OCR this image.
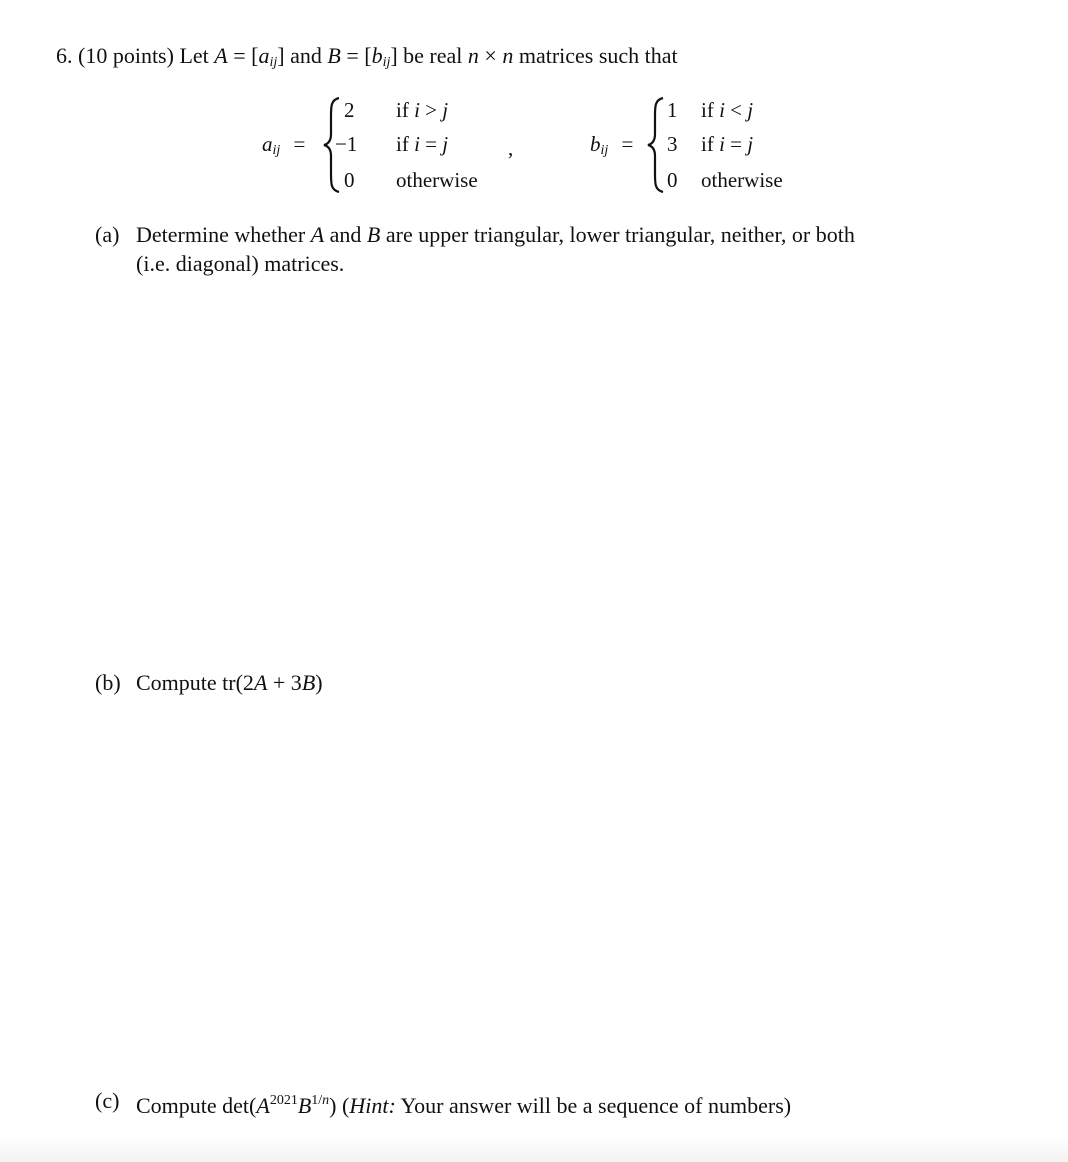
6. (10 points) Let $A = [a_{ij}]$ and $B = [b_{ij}]$ be real n × n matrices such that
$a_{ij}$ =
2 if i > j
−1 if i = j
0 otherwise
,	$b_{ij}$ =
1 if i < j
3 if i = j
0 otherwise
(a) Determine whether A and B are upper triangular, lower triangular, neither, or both
(i.e. diagonal) matrices.
(b) Compute tr(2A + 3B)
(c) Compute $\det(A^{2021}B^{1/n})$ (Hint: Your answer will be a sequence of numbers)
